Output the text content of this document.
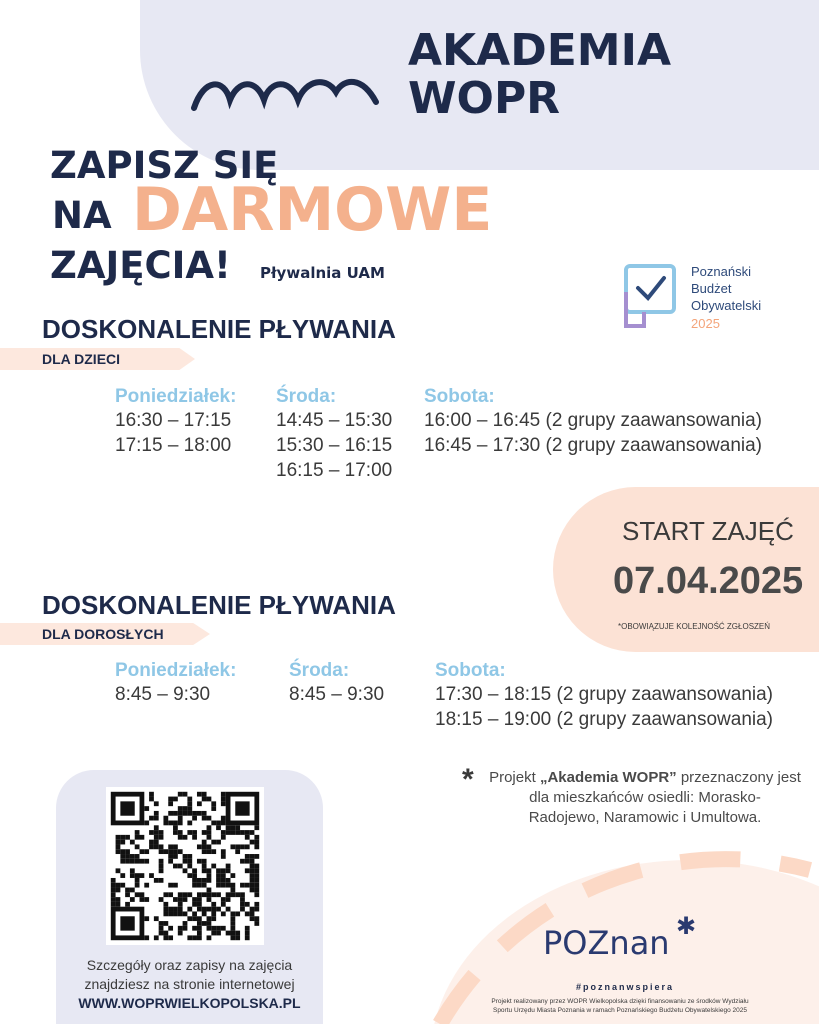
AKADEMIA
WOPR
ZAPISZ SIĘ
NA DARMOWE
ZAJĘCIA! Pływalnia UAM	Poznański
Budżet
Obywatelski
2025
DOSKONALENIE PŁYWANIA
DLA DZIECI
Poniedziałek:
16:30 – 17:15
17:15 – 18:00
Środa:
14:45 – 15:30
15:30 – 16:15
16:15 – 17:00
Sobota:
16:00 – 16:45 (2 grupy zaawansowania)
16:45 – 17:30 (2 grupy zaawansowania)
START ZAJĘĆ
07.04.2025
*OBOWIĄZUJE KOLEJNOŚĆ ZGŁOSZEŃ
DOSKONALENIE PŁYWANIA
DLA DOROSŁYCH
Poniedziałek:
8:45 – 9:30
Środa:
8:45 – 9:30
Sobota:
17:30 – 18:15 (2 grupy zaawansowania)
18:15 – 19:00 (2 grupy zaawansowania)
*	Projekt „Akademia WOPR” przeznaczony jest
dla mieszkańców osiedli: Morasko-
Radojewo, Naramowic i Umultowa.
Szczegóły oraz zapisy na zajęcia
znajdziesz na stronie internetowej
WWW.WOPRWIELKOPOLSKA.PL
POZnan ✱
#poznanwspiera
Projekt realizowany przez WOPR Wielkopolska dzięki finansowaniu ze środków Wydziału
Sportu Urzędu Miasta Poznania w ramach Poznańskiego Budżetu Obywatelskiego 2025
